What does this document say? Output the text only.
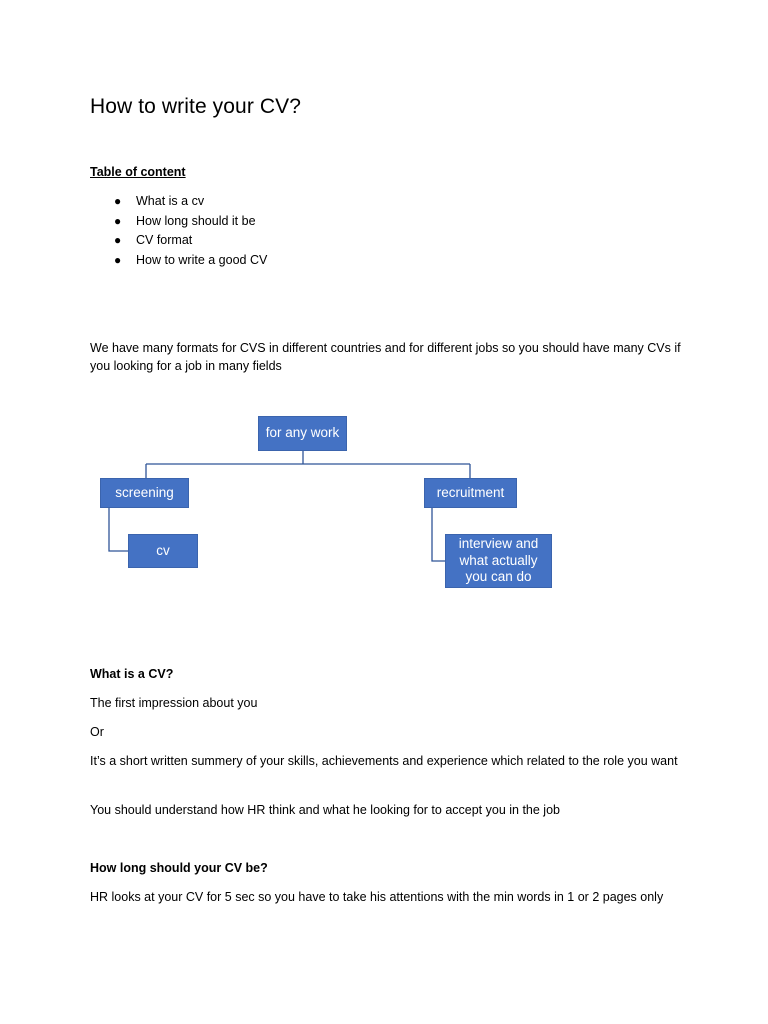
How to write your CV?

Table of content

● What is a cv
● How long should it be
● CV format
● How to write a good CV

We have many formats for CVS in different countries and for different jobs so you should have many CVs if you looking for a job in many fields

for any work
screening	recruitment
cv	interview and what actually you can do

What is a CV?

The first impression about you

Or

It’s a short written summery of your skills, achievements and experience which related to the role you want

You should understand how HR think and what he looking for to accept you in the job

How long should your CV be?

HR looks at your CV for 5 sec so you have to take his attentions with the min words in 1 or 2 pages only
